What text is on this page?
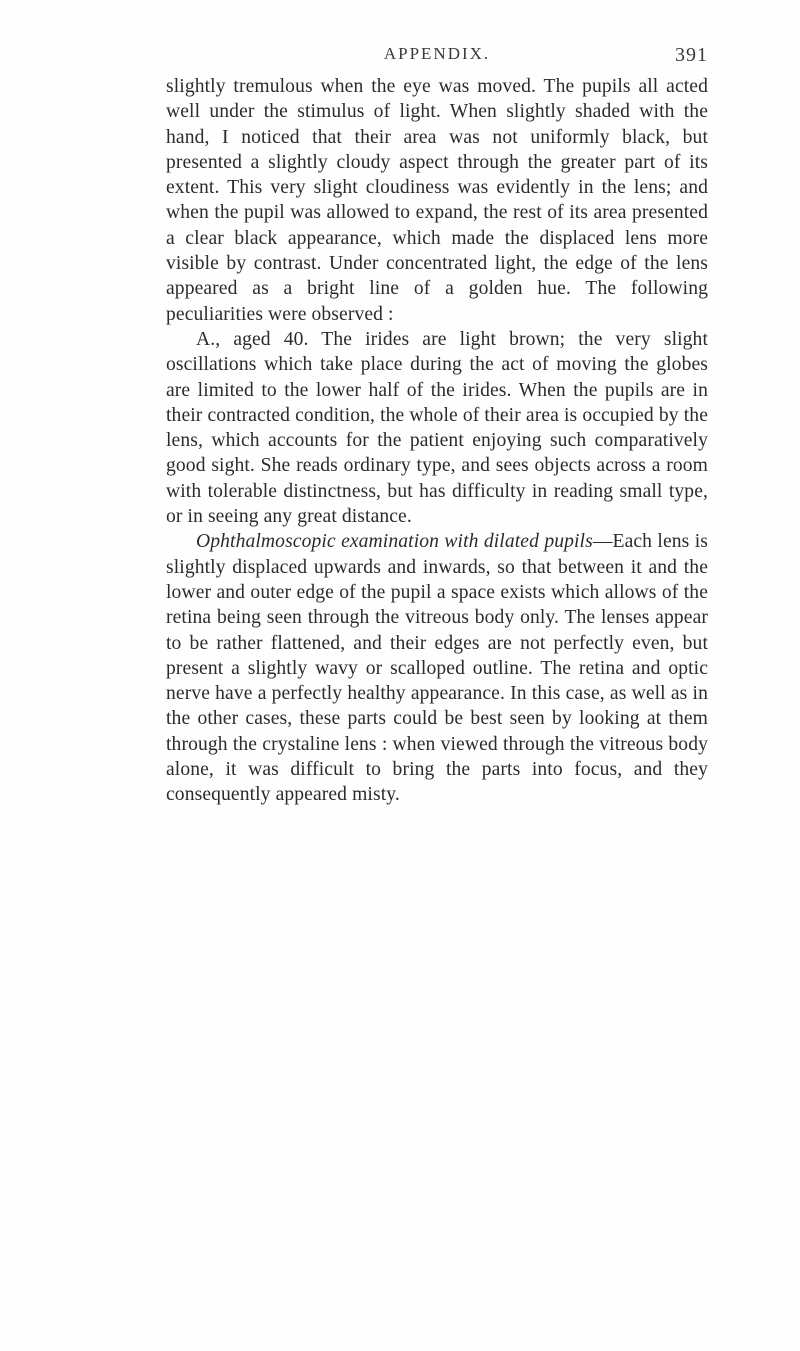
APPENDIX.	391

slightly tremulous when the eye was moved. The pupils all acted well under the stimulus of light. When slightly shaded with the hand, I noticed that their area was not uniformly black, but presented a slightly cloudy aspect through the greater part of its extent. This very slight cloudiness was evidently in the lens; and when the pupil was allowed to expand, the rest of its area presented a clear black appearance, which made the displaced lens more visible by contrast. Under concentrated light, the edge of the lens appeared as a bright line of a golden hue. The following peculiarities were observed :

A., aged 40. The irides are light brown; the very slight oscillations which take place during the act of moving the globes are limited to the lower half of the irides. When the pupils are in their contracted condition, the whole of their area is occupied by the lens, which accounts for the patient enjoying such comparatively good sight. She reads ordinary type, and sees objects across a room with tolerable distinctness, but has difficulty in reading small type, or in seeing any great distance.

Ophthalmoscopic examination with dilated pupils—Each lens is slightly displaced upwards and inwards, so that between it and the lower and outer edge of the pupil a space exists which allows of the retina being seen through the vitreous body only. The lenses appear to be rather flattened, and their edges are not perfectly even, but present a slightly wavy or scalloped outline. The retina and optic nerve have a perfectly healthy appearance. In this case, as well as in the other cases, these parts could be best seen by looking at them through the crystaline lens : when viewed through the vitreous body alone, it was difficult to bring the parts into focus, and they consequently appeared misty.
